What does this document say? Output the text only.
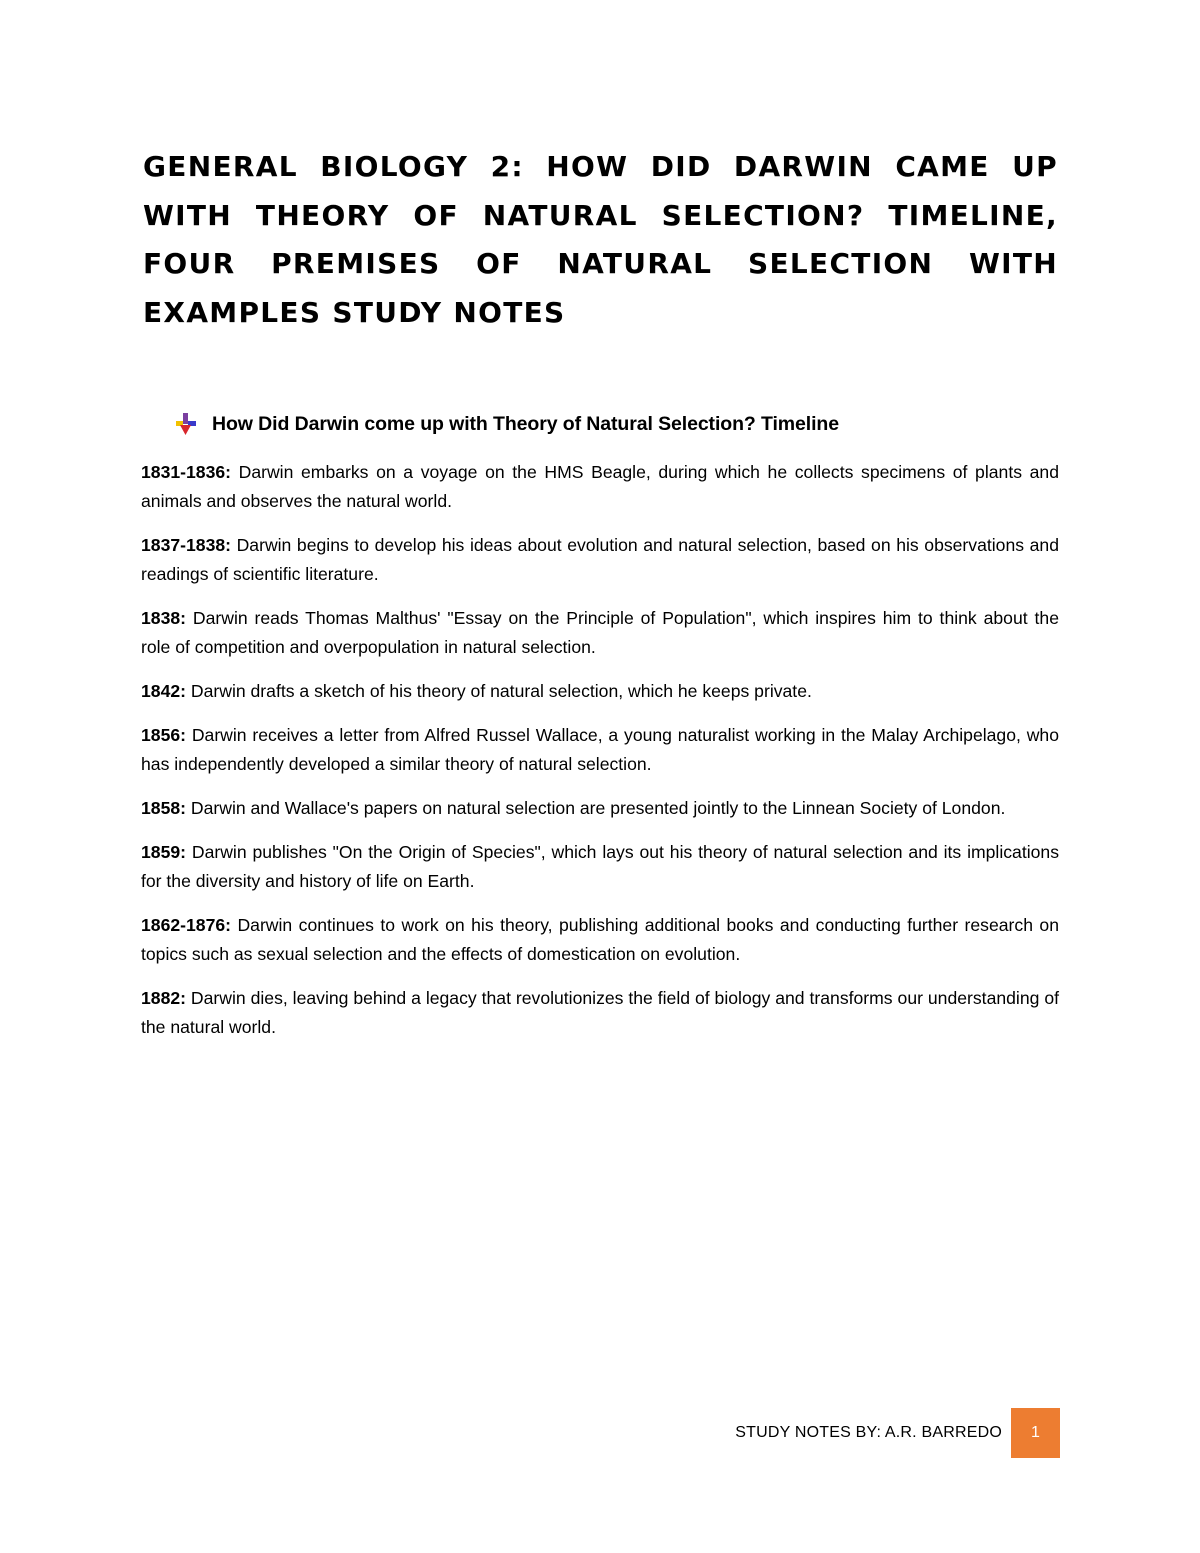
GENERAL BIOLOGY 2: HOW DID DARWIN CAME UP WITH THEORY OF NATURAL SELECTION? TIMELINE, FOUR PREMISES OF NATURAL SELECTION WITH EXAMPLES STUDY NOTES
How Did Darwin come up with Theory of Natural Selection? Timeline

1831-1836: Darwin embarks on a voyage on the HMS Beagle, during which he collects specimens of plants and animals and observes the natural world.

1837-1838: Darwin begins to develop his ideas about evolution and natural selection, based on his observations and readings of scientific literature.

1838: Darwin reads Thomas Malthus' "Essay on the Principle of Population", which inspires him to think about the role of competition and overpopulation in natural selection.

1842: Darwin drafts a sketch of his theory of natural selection, which he keeps private.

1856: Darwin receives a letter from Alfred Russel Wallace, a young naturalist working in the Malay Archipelago, who has independently developed a similar theory of natural selection.

1858: Darwin and Wallace's papers on natural selection are presented jointly to the Linnean Society of London.

1859: Darwin publishes "On the Origin of Species", which lays out his theory of natural selection and its implications for the diversity and history of life on Earth.

1862-1876: Darwin continues to work on his theory, publishing additional books and conducting further research on topics such as sexual selection and the effects of domestication on evolution.

1882: Darwin dies, leaving behind a legacy that revolutionizes the field of biology and transforms our understanding of the natural world.

STUDY NOTES BY: A.R. BARREDO	1
